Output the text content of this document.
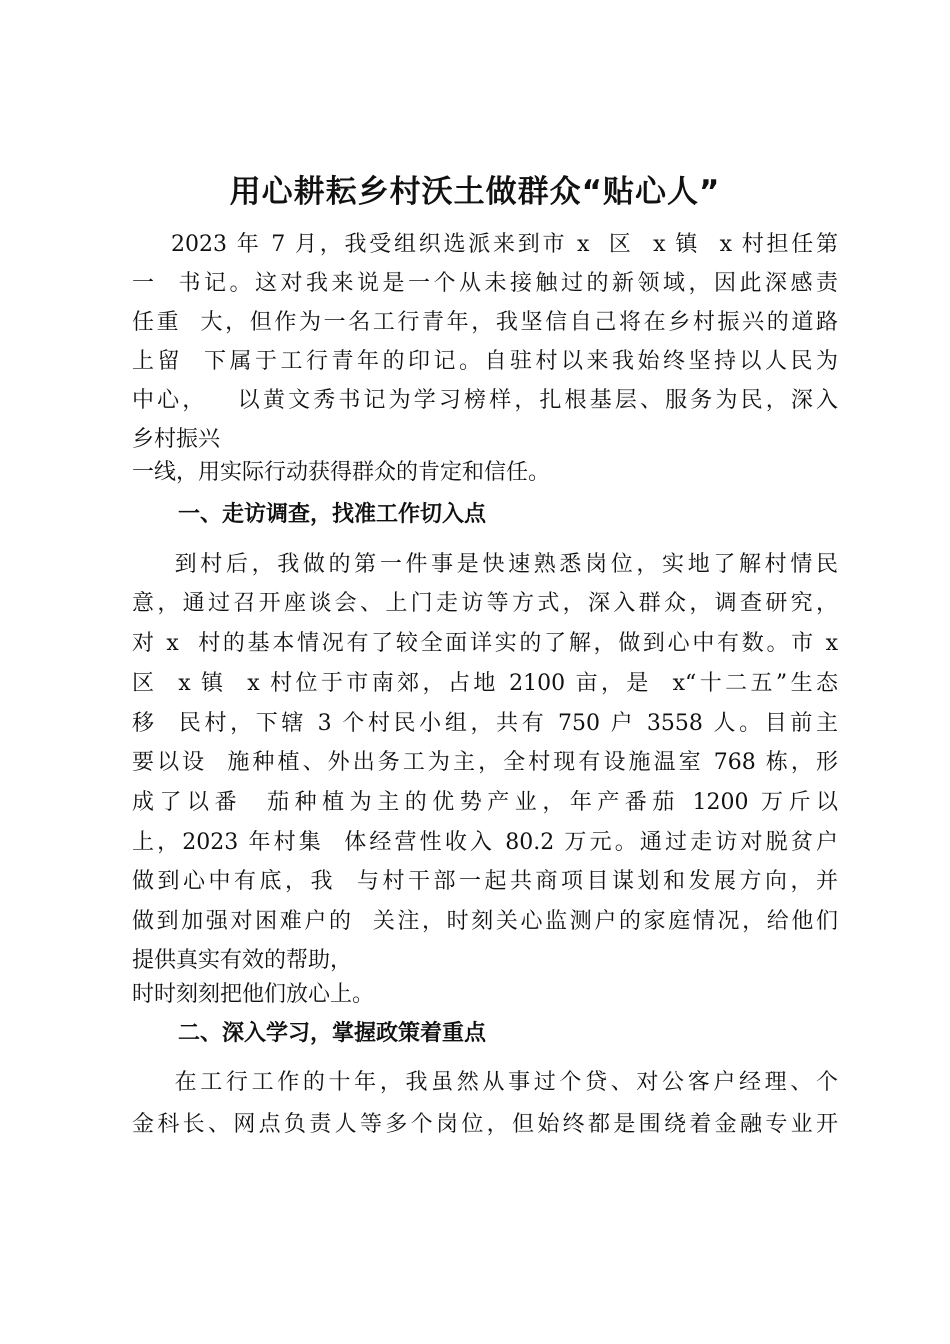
用心耕耘乡村沃土做群众“贴心人”
2023 年 7 月，我受组织选派来到市 x  区  x 镇  x 村担任第
一  书记。这对我来说是一个从未接触过的新领域，因此深感责
任重  大，但作为一名工行青年，我坚信自己将在乡村振兴的道路
上留  下属于工行青年的印记。自驻村以来我始终坚持以人民为
中心，   以黄文秀书记为学习榜样，扎根基层、服务为民，深入
乡村振兴
一线，用实际行动获得群众的肯定和信任。
一、走访调查，找准工作切入点
到村后，我做的第一件事是快速熟悉岗位，实地了解村情民
意，通过召开座谈会、上门走访等方式，深入群众，调查研究，
对 x  村的基本情况有了较全面详实的了解，做到心中有数。市 x
区  x 镇  x 村位于市南郊，占地 2100 亩，是  x“十二五”生态
移  民村，下辖 3 个村民小组，共有 750 户 3558 人。目前主
要以设  施种植、外出务工为主，全村现有设施温室 768 栋，形
成了以番  茄种植为主的优势产业，年产番茄 1200 万斤以
上，2023 年村集  体经营性收入 80.2 万元。通过走访对脱贫户
做到心中有底，我  与村干部一起共商项目谋划和发展方向，并
做到加强对困难户的  关注，时刻关心监测户的家庭情况，给他们
提供真实有效的帮助，
时时刻刻把他们放心上。
二、深入学习，掌握政策着重点
在工行工作的十年，我虽然从事过个贷、对公客户经理、个
金科长、网点负责人等多个岗位，但始终都是围绕着金融专业开
